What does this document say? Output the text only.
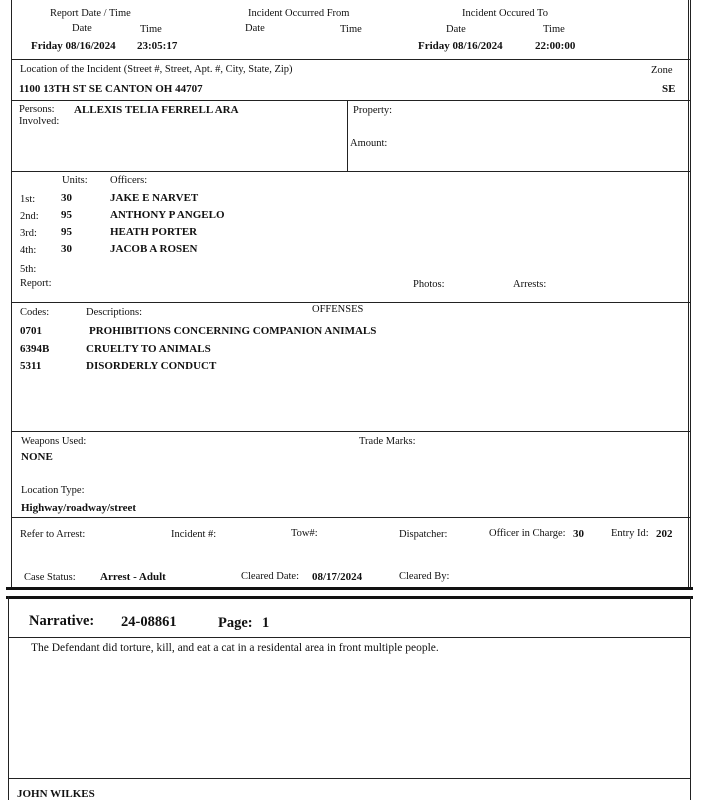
Report Date / Time
Date	Time
Friday 08/16/2024 23:05:17
Incident Occurred From
Date	Time
Incident Occured To
Date	Time
Friday 08/16/2024	22:00:00
Location of the Incident (Street #, Street, Apt. #, City, State, Zip)
1100 13TH ST SE CANTON OH 44707
Zone
SE
Persons:
Involved:
ALLEXIS TELIA FERRELL ARA	Property:
Amount:
Units: Officers:
1st: 30	JAKE E NARVET
2nd: 95	ANTHONY P ANGELO
3rd: 95	HEATH PORTER
4th: 30	JACOB A ROSEN
5th:
Report:	Photos:	Arrests:
Codes:	Descriptions:	OFFENSES
0701	PROHIBITIONS CONCERNING COMPANION ANIMALS
6394B	CRUELTY TO ANIMALS
5311	DISORDERLY CONDUCT
Weapons Used:
NONE
Trade Marks:
Location Type:
Highway/roadway/street
Refer to Arrest:	Incident #:	Tow#:	Dispatcher:	Officer in Charge: 30	Entry Id: 202
Case Status: Arrest - Adult	Cleared Date: 08/17/2024	Cleared By:
Narrative: 24-08861	Page: 1
The Defendant did torture, kill, and eat a cat in a residental area in front multiple people.
JOHN WILKES
